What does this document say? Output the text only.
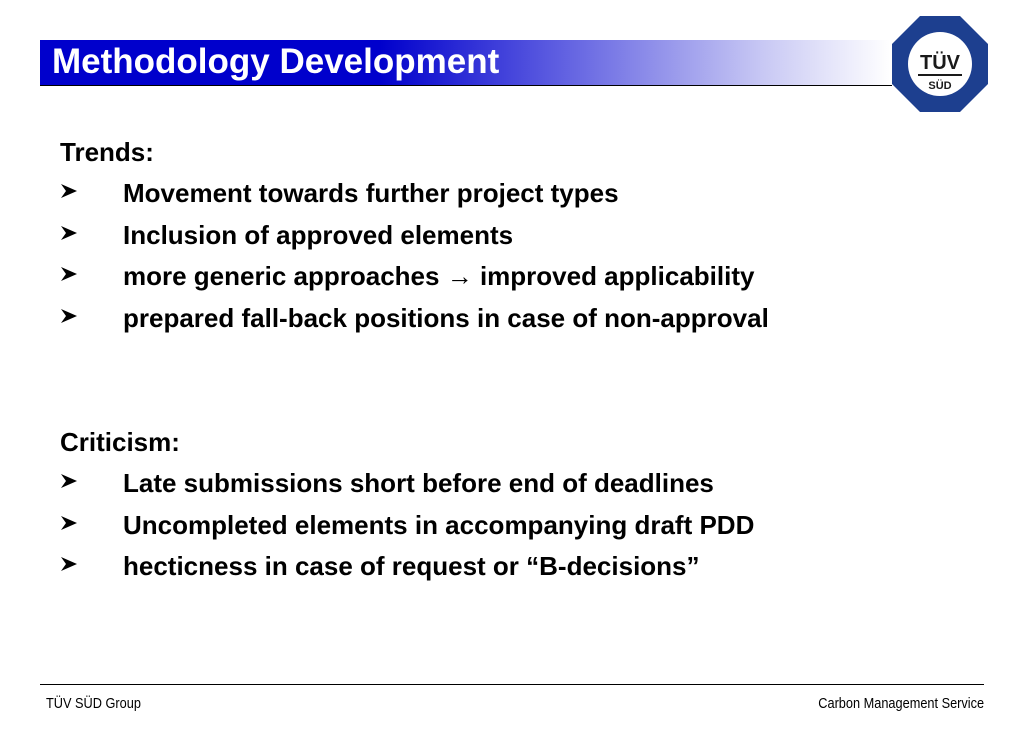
Methodology Development	TÜV
SÜD
Trends:
Movement towards further project types
Inclusion of approved elements
more generic approaches → improved applicability
prepared fall-back positions in case of non-approval
Criticism:
Late submissions short before end of deadlines
Uncompleted elements in accompanying draft PDD
hecticness in case of request or “B-decisions”
TÜV SÜD Group	Carbon Management Service
